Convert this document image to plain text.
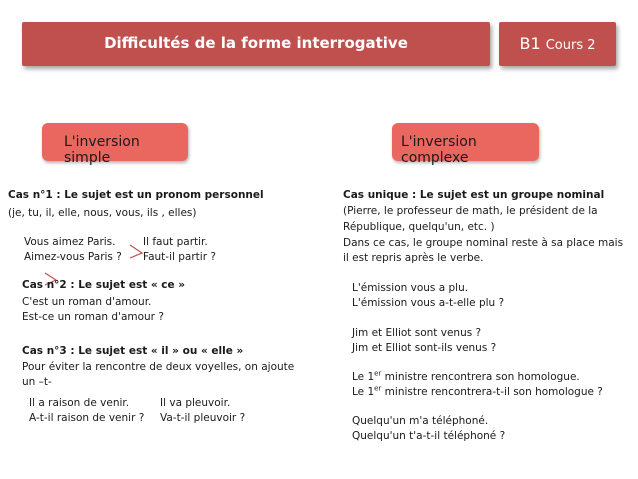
Difficultés de la forme interrogative	B1 Cours 2
L'inversion simple
L'inversion complexe
Cas n°1 : Le sujet est un pronom personnel
(je, tu, il, elle, nous, vous, ils , elles)
Vous aimez Paris.
Aimez-vous Paris ?
Il faut partir.
Faut-il partir ?
Cas n°2 : Le sujet est « ce »
C'est un roman d'amour.
Est-ce un roman d'amour ?
Cas n°3 : Le sujet est « il » ou « elle »
Pour éviter la rencontre de deux voyelles, on ajoute
un –t-
Il a raison de venir.
A-t-il raison de venir ?
Il va pleuvoir.
Va-t-il pleuvoir ?
Cas unique : Le sujet est un groupe nominal
(Pierre, le professeur de math, le président de la
République, quelqu'un, etc. )
Dans ce cas, le groupe nominal reste à sa place mais
il est repris après le verbe.
L'émission vous a plu.
L'émission vous a-t-elle plu ?
Jim et Elliot sont venus ?
Jim et Elliot sont-ils venus ?
Le 1er ministre rencontrera son homologue.
Le 1er ministre rencontrera-t-il son homologue ?
Quelqu'un m'a téléphoné.
Quelqu'un t'a-t-il téléphoné ?
